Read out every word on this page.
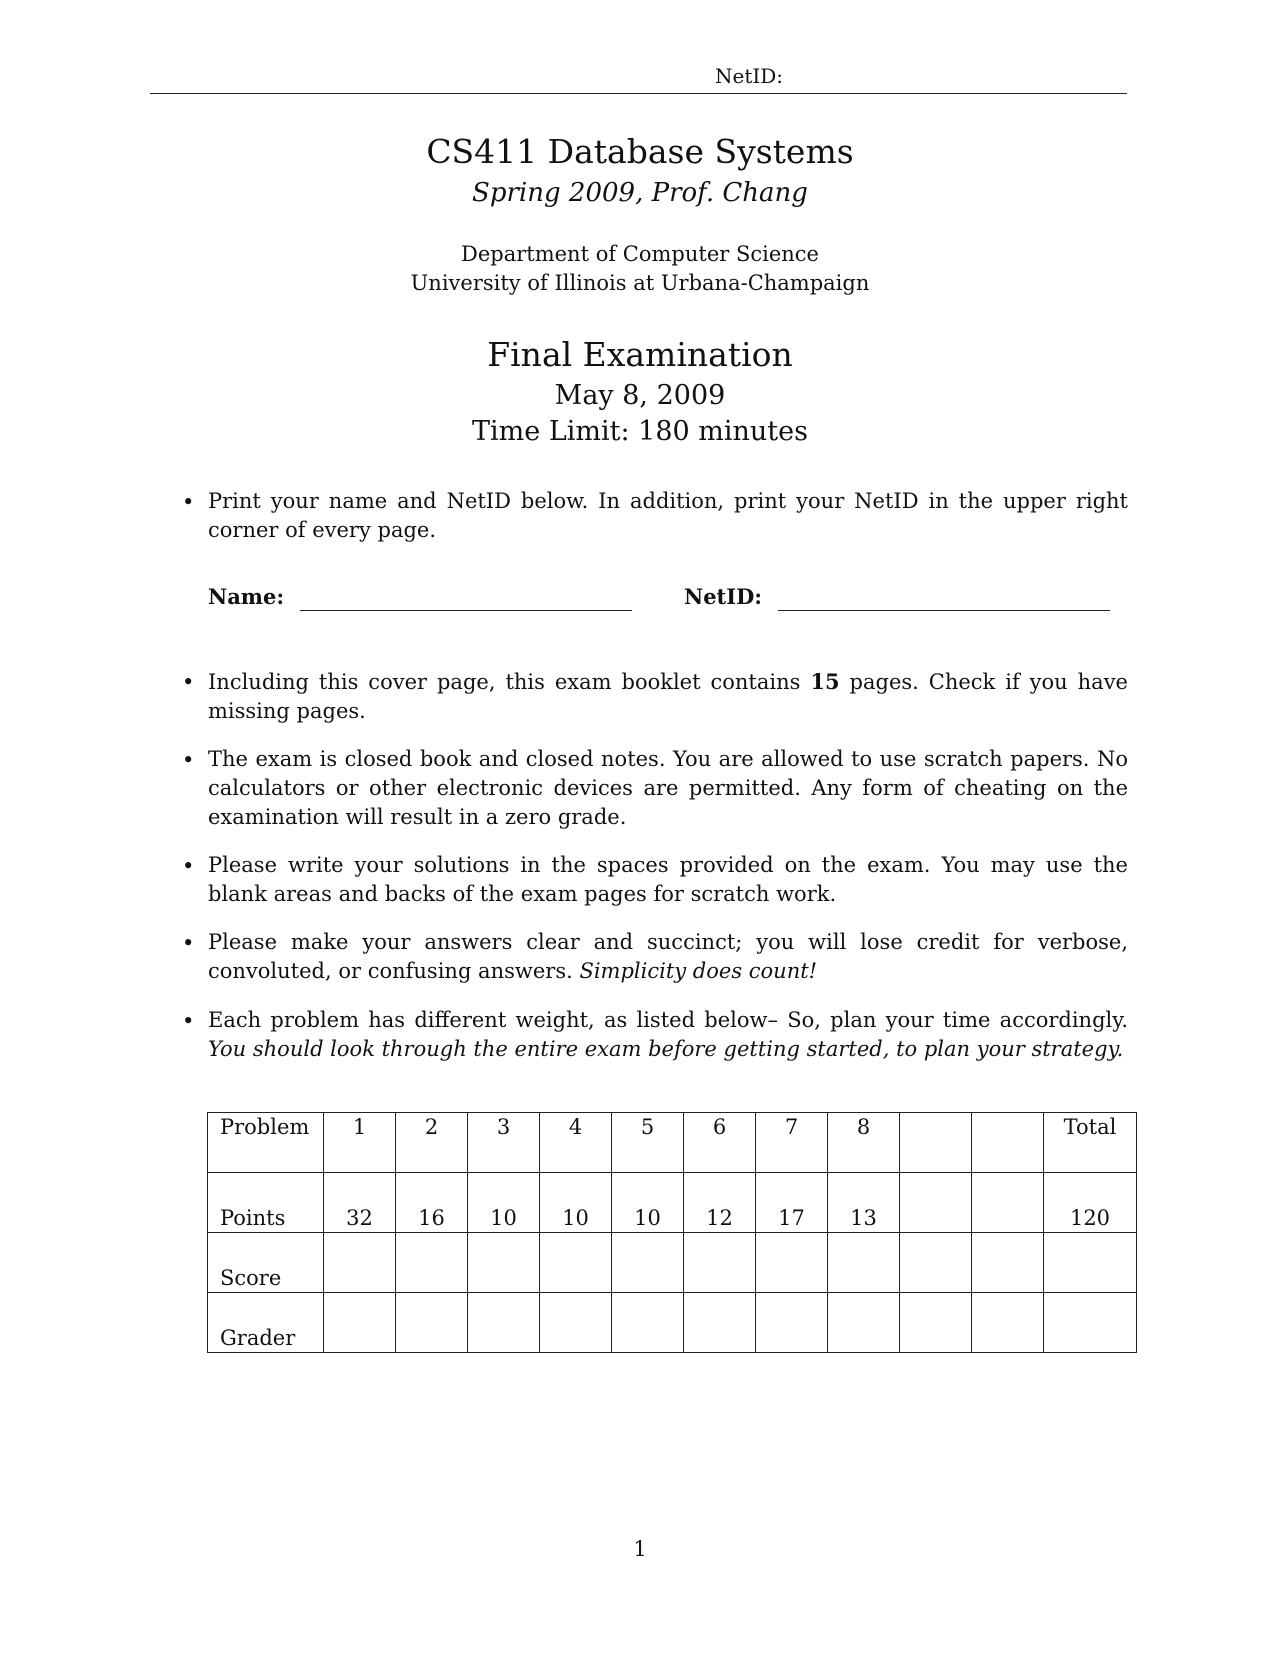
NetID:
CS411 Database Systems
Spring 2009, Prof. Chang
Department of Computer Science
University of Illinois at Urbana-Champaign
Final Examination
May 8, 2009
Time Limit: 180 minutes
• Print your name and NetID below. In addition, print your NetID in the upper right corner of every page.
Name:	NetID:
• Including this cover page, this exam booklet contains 15 pages. Check if you have missing pages.
• The exam is closed book and closed notes. You are allowed to use scratch papers. No calculators or other electronic devices are permitted. Any form of cheating on the examination will result in a zero grade.
• Please write your solutions in the spaces provided on the exam. You may use the blank areas and backs of the exam pages for scratch work.
• Please make your answers clear and succinct; you will lose credit for verbose, convoluted, or confusing answers. Simplicity does count!
• Each problem has different weight, as listed below– So, plan your time accordingly. You should look through the entire exam before getting started, to plan your strategy.
Problem	1	2	3	4	5	6	7	8			Total
Points	32	16	10	10	10	12	17	13			120
Score											
Grader											
1
